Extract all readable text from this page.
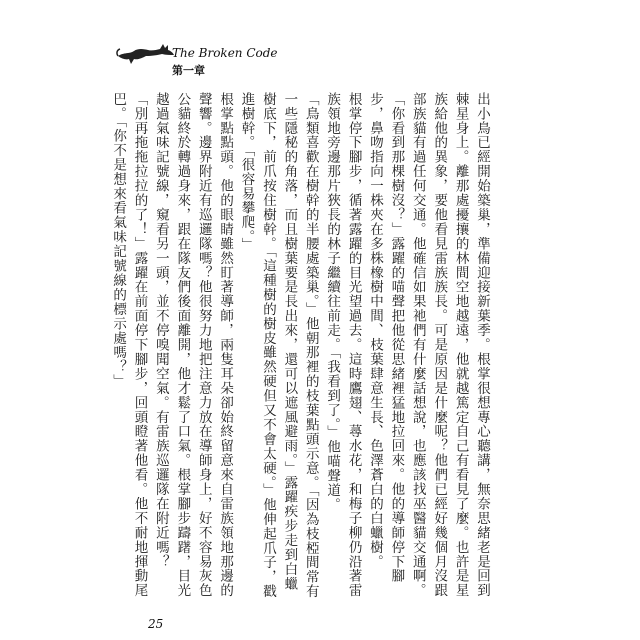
The Broken Code
第一章

出小鳥已經開始築巢，準備迎接新葉季。根掌很想專心聽講，無奈思緒老是回到棘星身上。離那處擾攘的林間空地越遠，他就越篤定自己有看見了麼。也許是星族給他的異象，要他看見雷族族長。可是原因是什麼呢？他們已經好幾個月沒跟部族貓有過任何交通。他確信如果祂們有什麼話想說，也應該找巫醫貓交通啊。

「你看到那棵樹沒？」露躍的喵聲把他從思緒裡猛地拉回來。他的導師停下腳步，鼻吻指向一株夾在多株橡樹中間、枝葉肆意生長、色澤蒼白的白蠟樹。

根掌停下腳步，循著露躍的目光望過去。這時鷹翅、蕁水花，和梅子柳仍沿著雷族領地旁邊那片狹長的林子繼續往前走。「我看到了。」他喵聲道。

「鳥類喜歡在樹幹的半腰處築巢。」他朝那裡的枝葉點頭示意。「因為枝椏間常有一些隱秘的角落，而且樹葉要是長出來，還可以遮風避雨。」露躍疾步走到白蠟樹底下，前爪按住樹幹。「這種樹的樹皮雖然硬但又不會太硬。」他伸起爪子，戳進樹幹。「很容易攀爬。」

根掌點點頭。他的眼睛雖然盯著導師，兩隻耳朵卻始終留意來自雷族領地那邊的聲響。邊界附近有巡邏隊嗎？他很努力地把注意力放在導師身上，好不容易灰色公貓終於轉過身來，跟在隊友們後面離開，他才鬆了口氣。根掌腳步躊躇，目光越過氣味記號線，窺看另一頭，並不停嗅聞空氣。有雷族巡邏隊在附近嗎？

「別再拖拖拉拉的了！」露躍在前面停下腳步，回頭瞪著他看。他不耐地揮動尾巴。「你不是想來看氣味記號線的標示處嗎？」

25
